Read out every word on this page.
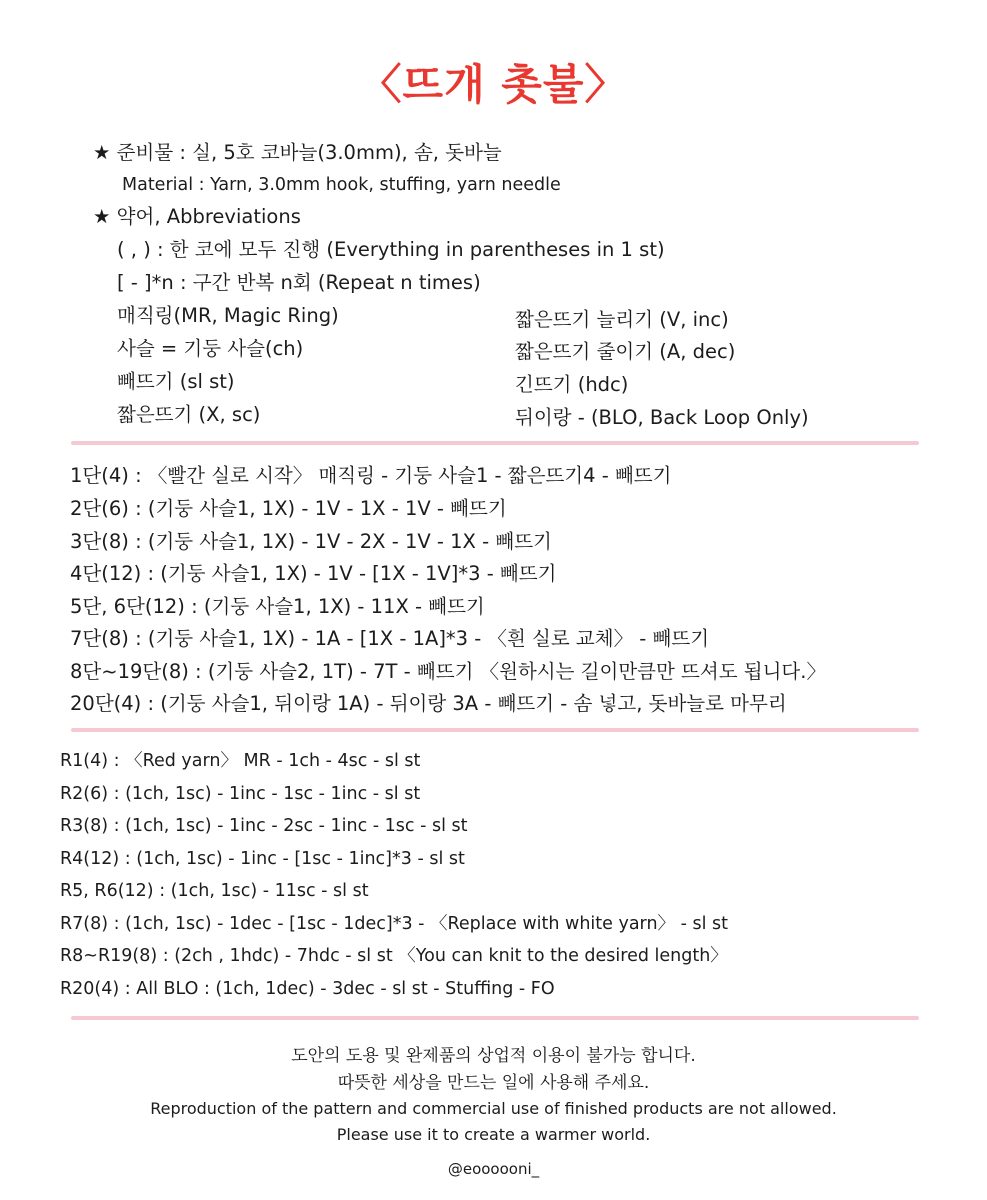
〈뜨개 촛불〉
★ 준비물 : 실, 5호 코바늘(3.0mm), 솜, 돗바늘
Material : Yarn, 3.0mm hook, stuffing, yarn needle
★ 약어, Abbreviations
( , ) : 한 코에 모두 진행 (Everything in parentheses in 1 st)
[ - ]*n : 구간 반복 n회 (Repeat n times)
매직링(MR, Magic Ring)
사슬 = 기둥 사슬(ch)
빼뜨기 (sl st)
짧은뜨기 (X, sc)
짧은뜨기 늘리기 (V, inc)
짧은뜨기 줄이기 (A, dec)
긴뜨기 (hdc)
뒤이랑 - (BLO, Back Loop Only)
1단(4) : 〈빨간 실로 시작〉 매직링 - 기둥 사슬1 - 짧은뜨기4 - 빼뜨기
2단(6) : (기둥 사슬1, 1X) - 1V - 1X - 1V - 빼뜨기
3단(8) : (기둥 사슬1, 1X) - 1V - 2X - 1V - 1X - 빼뜨기
4단(12) : (기둥 사슬1, 1X) - 1V - [1X - 1V]*3 - 빼뜨기
5단, 6단(12) : (기둥 사슬1, 1X) - 11X - 빼뜨기
7단(8) : (기둥 사슬1, 1X) - 1A - [1X - 1A]*3 - 〈흰 실로 교체〉 - 빼뜨기
8단~19단(8) : (기둥 사슬2, 1T) - 7T - 빼뜨기 〈원하시는 길이만큼만 뜨셔도 됩니다.〉
20단(4) : (기둥 사슬1, 뒤이랑 1A) - 뒤이랑 3A - 빼뜨기 - 솜 넣고, 돗바늘로 마무리
R1(4) : 〈Red yarn〉 MR - 1ch - 4sc - sl st
R2(6) : (1ch, 1sc) - 1inc - 1sc - 1inc - sl st
R3(8) : (1ch, 1sc) - 1inc - 2sc - 1inc - 1sc - sl st
R4(12) : (1ch, 1sc) - 1inc - [1sc - 1inc]*3 - sl st
R5, R6(12) : (1ch, 1sc) - 11sc - sl st
R7(8) : (1ch, 1sc) - 1dec - [1sc - 1dec]*3 - 〈Replace with white yarn〉 - sl st
R8~R19(8) : (2ch , 1hdc) - 7hdc - sl st 〈You can knit to the desired length〉
R20(4) : All BLO : (1ch, 1dec) - 3dec - sl st - Stuffing - FO
도안의 도용 및 완제품의 상업적 이용이 불가능 합니다.
따뜻한 세상을 만드는 일에 사용해 주세요.
Reproduction of the pattern and commercial use of finished products are not allowed.
Please use it to create a warmer world.
@eoooooni_
